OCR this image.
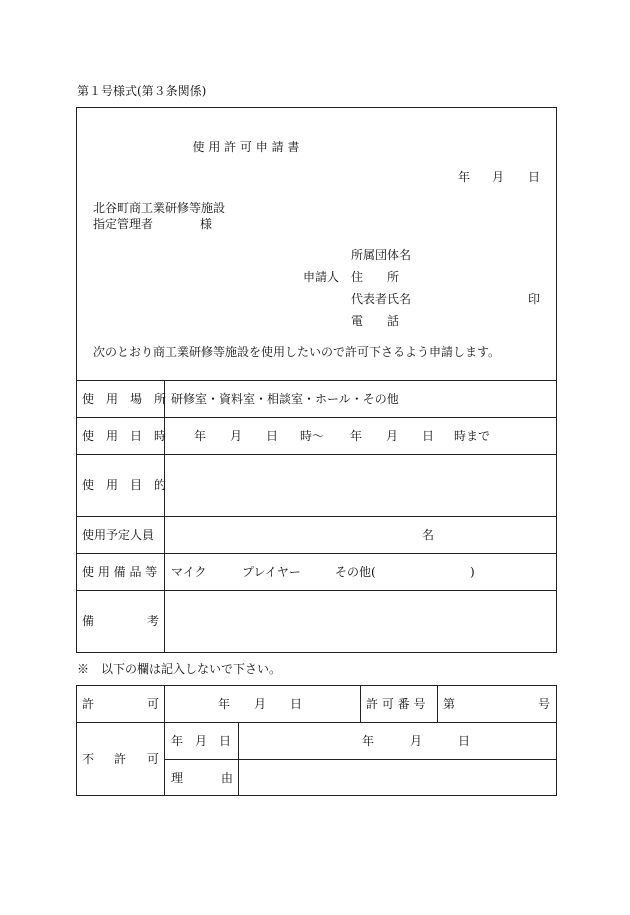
第１号様式(第３条関係)
使 用 許 可 申 請 書
年 月 日
北谷町商工業研修等施設
指定管理者	様
所属団体名
申請人 住　　所
代表者氏名	印
電　　話
次のとおり商工業研修等施設を使用したいので許可下さるよう申請します。
使　用　場　所 研修室・資料室・相談室・ホール・その他
使　用　日　時 年 月 日 時～ 年 月 日 時まで
使　用　目　的
使用予定人員	名
使 用 備 品 等 マイク	プレイヤー	その他(	)
備	考
※　以下の欄は記入しないで下さい。
許	可	年 月 日	許 可 番 号 第	号
不 許 可
年　月　日	年	月	日
理	由
